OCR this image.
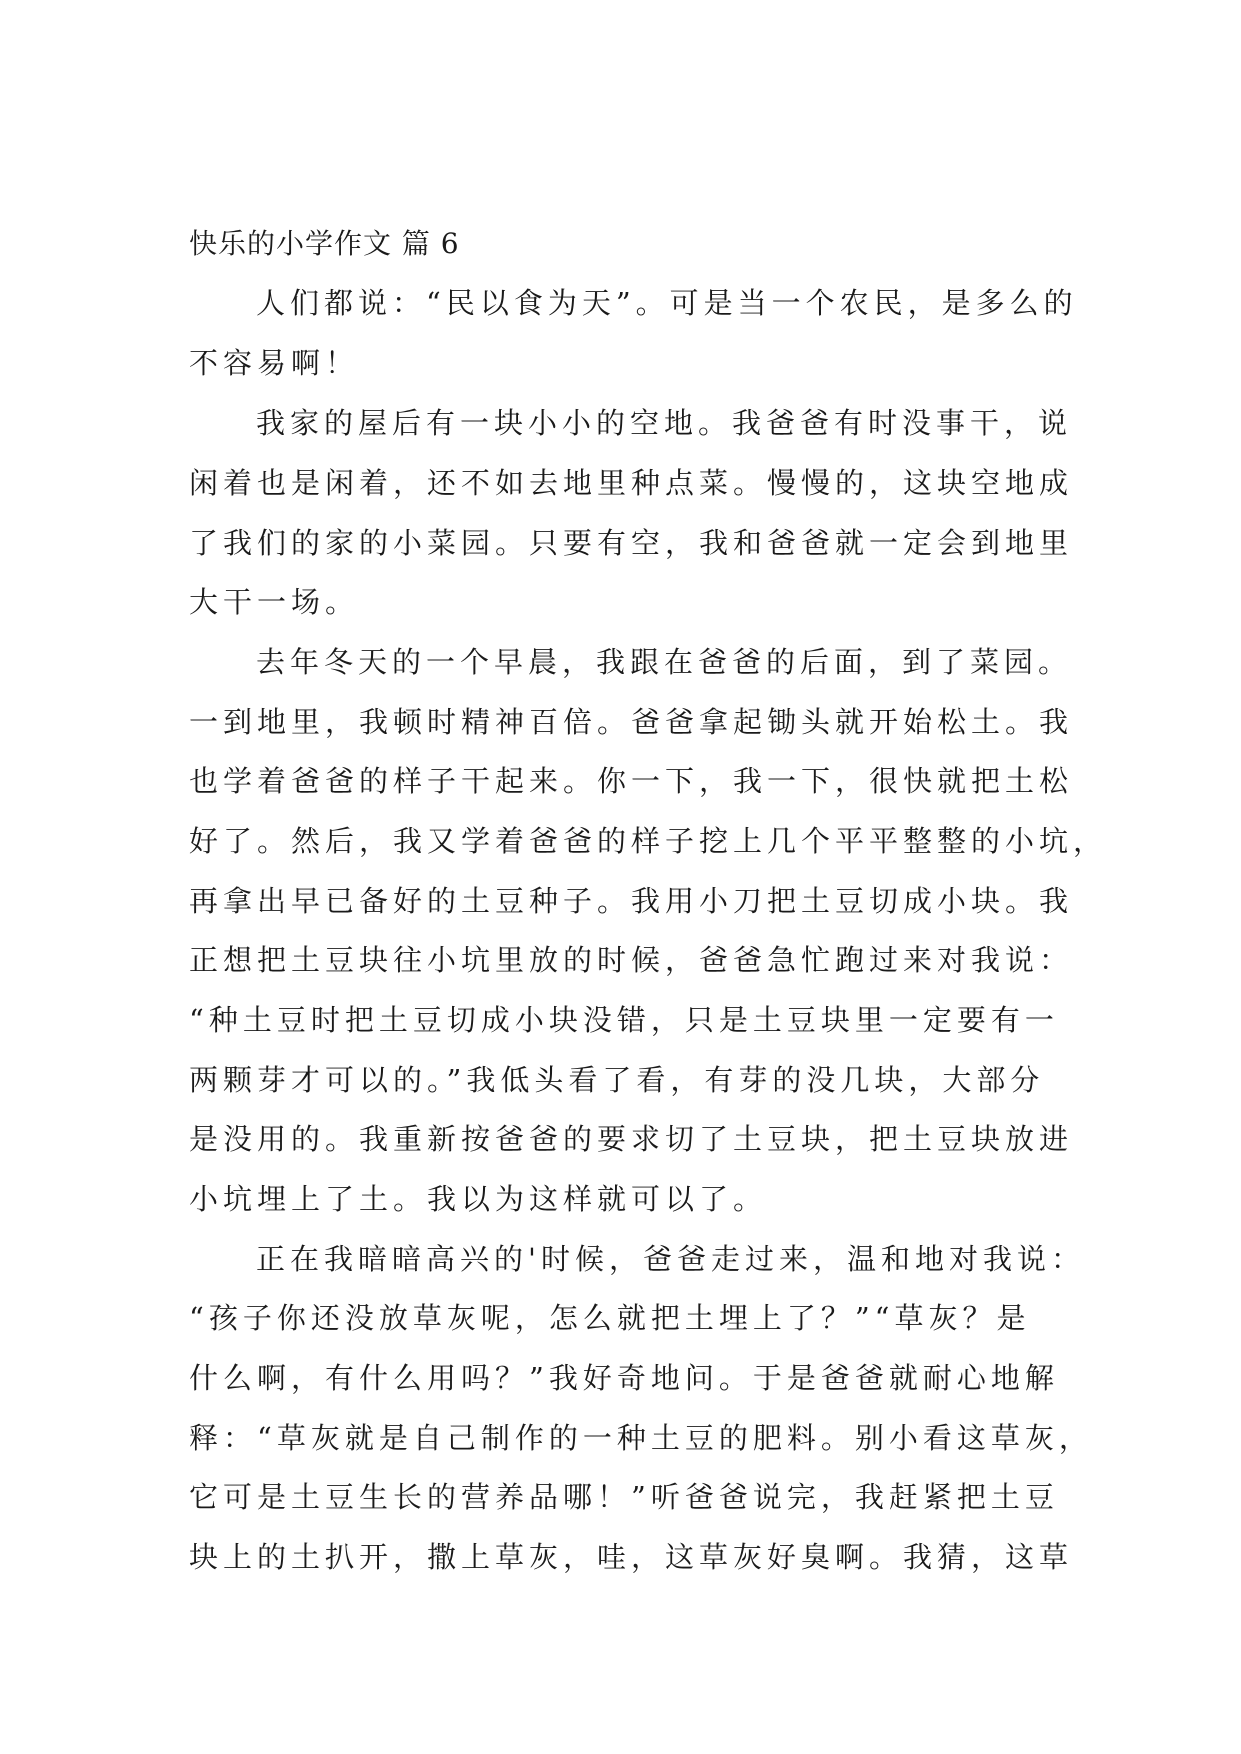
快乐的小学作文 篇 6
人们都说：“民以食为天”。可是当一个农民，是多么的
不容易啊！
我家的屋后有一块小小的空地。我爸爸有时没事干，说
闲着也是闲着，还不如去地里种点菜。慢慢的，这块空地成
了我们的家的小菜园。只要有空，我和爸爸就一定会到地里
大干一场。
去年冬天的一个早晨，我跟在爸爸的后面，到了菜园。
一到地里，我顿时精神百倍。爸爸拿起锄头就开始松土。我
也学着爸爸的样子干起来。你一下，我一下，很快就把土松
好了。然后，我又学着爸爸的样子挖上几个平平整整的小坑，
再拿出早已备好的土豆种子。我用小刀把土豆切成小块。我
正想把土豆块往小坑里放的时候，爸爸急忙跑过来对我说：
“种土豆时把土豆切成小块没错，只是土豆块里一定要有一
两颗芽才可以的。”我低头看了看，有芽的没几块，大部分
是没用的。我重新按爸爸的要求切了土豆块，把土豆块放进
小坑埋上了土。我以为这样就可以了。
正在我暗暗高兴的'时候，爸爸走过来，温和地对我说：
“孩子你还没放草灰呢，怎么就把土埋上了？”“草灰？是
什么啊，有什么用吗？”我好奇地问。于是爸爸就耐心地解
释：“草灰就是自己制作的一种土豆的肥料。别小看这草灰，
它可是土豆生长的营养品哪！”听爸爸说完，我赶紧把土豆
块上的土扒开，撒上草灰，哇，这草灰好臭啊。我猜，这草
